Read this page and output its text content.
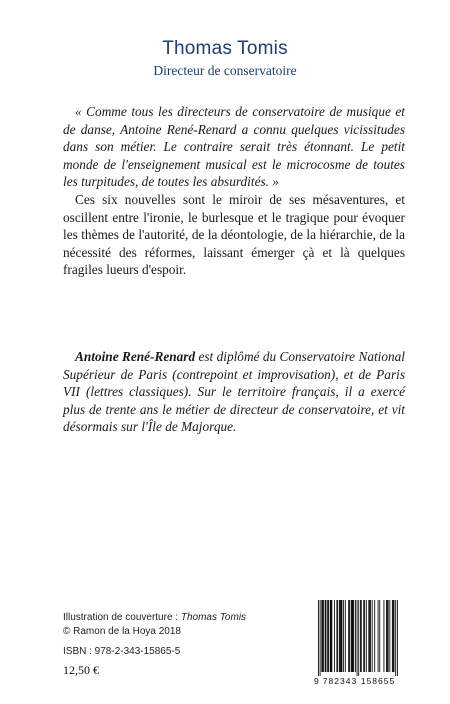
Thomas Tomis
Directeur de conservatoire

« Comme tous les directeurs de conservatoire de musique et de danse, Antoine René-Renard a connu quelques vicissitudes dans son métier. Le contraire serait très étonnant. Le petit monde de l'enseignement musical est le microcosme de toutes les turpitudes, de toutes les absurdités. »

Ces six nouvelles sont le miroir de ses mésaventures, et oscillent entre l'ironie, le burlesque et le tragique pour évoquer les thèmes de l'autorité, de la déontologie, de la hiérarchie, de la nécessité des réformes, laissant émerger çà et là quelques fragiles lueurs d'espoir.

Antoine René-Renard est diplômé du Conservatoire National Supérieur de Paris (contrepoint et improvisation), et de Paris VII (lettres classiques). Sur le territoire français, il a exercé plus de trente ans le métier de directeur de conservatoire, et vit désormais sur l'Île de Majorque.

Illustration de couverture : Thomas Tomis
© Ramon de la Hoya 2018
ISBN : 978-2-343-15865-5
12,50 €
9 782343 158655
